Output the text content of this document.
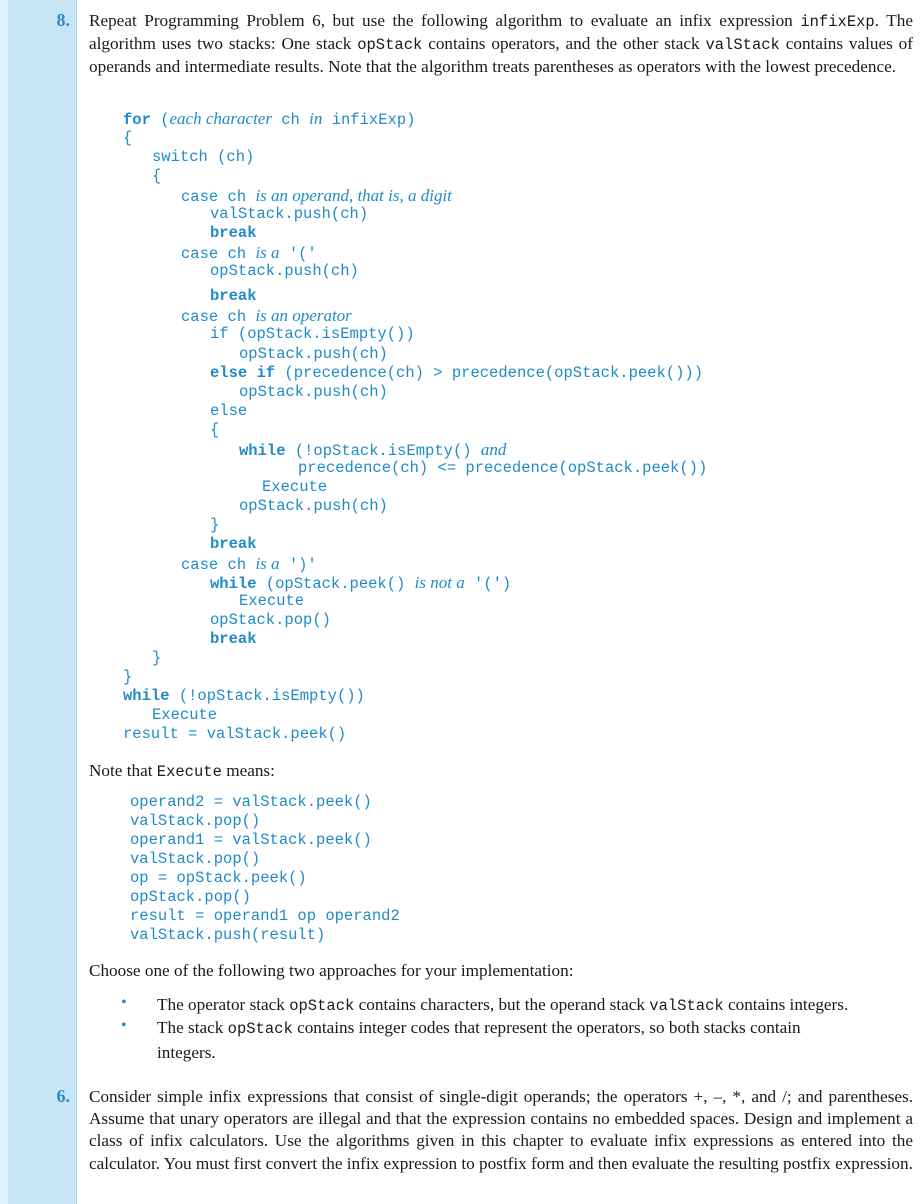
8. Repeat Programming Problem 6, but use the following algorithm to evaluate an infix expression infixExp. The algorithm uses two stacks: One stack opStack contains operators, and the other stack valStack contains values of operands and intermediate results. Note that the algorithm treats parentheses as operators with the lowest precedence.
for (each character ch in infixExp)
{
switch (ch)
{
case ch is an operand, that is, a digit
valStack.push(ch)
break
case ch is a '('
opStack.push(ch)
break
case ch is an operator
if (opStack.isEmpty())
opStack.push(ch)
else if (precedence(ch) > precedence(opStack.peek()))
opStack.push(ch)
else
{
while (!opStack.isEmpty() and
precedence(ch) <= precedence(opStack.peek())
Execute
opStack.push(ch)
}
break
case ch is a ')'
while (opStack.peek() is not a '(')
Execute
opStack.pop()
break
}
}
while (!opStack.isEmpty())
Execute
result = valStack.peek()
Note that Execute means:
operand2 = valStack.peek()
valStack.pop()
operand1 = valStack.peek()
valStack.pop()
op = opStack.peek()
opStack.pop()
result = operand1 op operand2
valStack.push(result)
Choose one of the following two approaches for your implementation:
• The operator stack opStack contains characters, but the operand stack valStack contains integers.
• The stack opStack contains integer codes that represent the operators, so both stacks contain integers.
6. Consider simple infix expressions that consist of single-digit operands; the operators +, –, *, and /; and parentheses. Assume that unary operators are illegal and that the expression contains no embedded spaces. Design and implement a class of infix calculators. Use the algorithms given in this chapter to evaluate infix expressions as entered into the calculator. You must first convert the infix expression to postfix form and then evaluate the resulting postfix expression.
